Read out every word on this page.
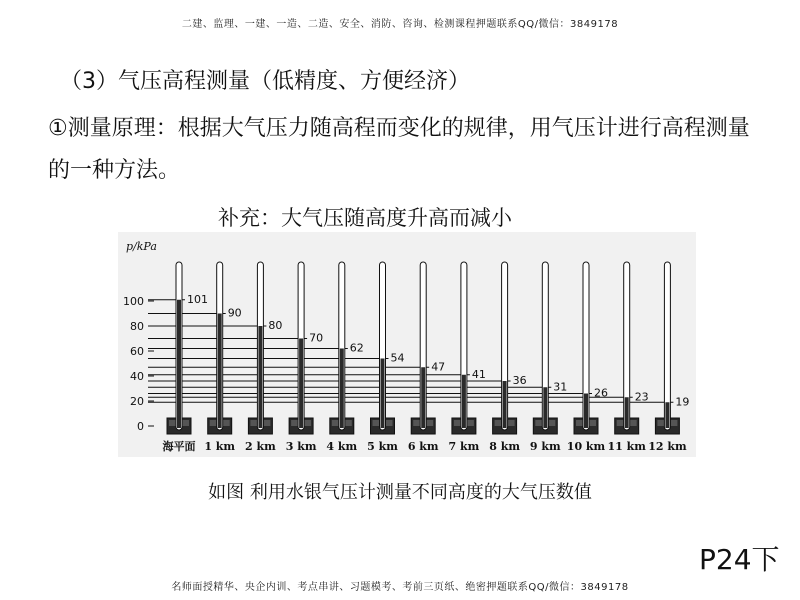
二建、监理、一建、一造、二造、安全、消防、咨询、检测课程押题联系QQ/微信：3849178
（3）气压高程测量（低精度、方便经济）
①测量原理：根据大气压力随高程而变化的规律，用气压计进行高程测量的一种方法。
补充：大气压随高度升高而减小
p/kPa
0
20
40
60
80
100	101
海平面
90
1 km
80
2 km
70
3 km
62
4 km
54
5 km
47
6 km
41
7 km
36
8 km
31
9 km
26
10 km
23
11 km
19
12 km
如图 利用水银气压计测量不同高度的大气压数值
名师面授精华、央企内训、考点串讲、习题模考、考前三页纸、绝密押题联系QQ/微信：3849178
P24下
